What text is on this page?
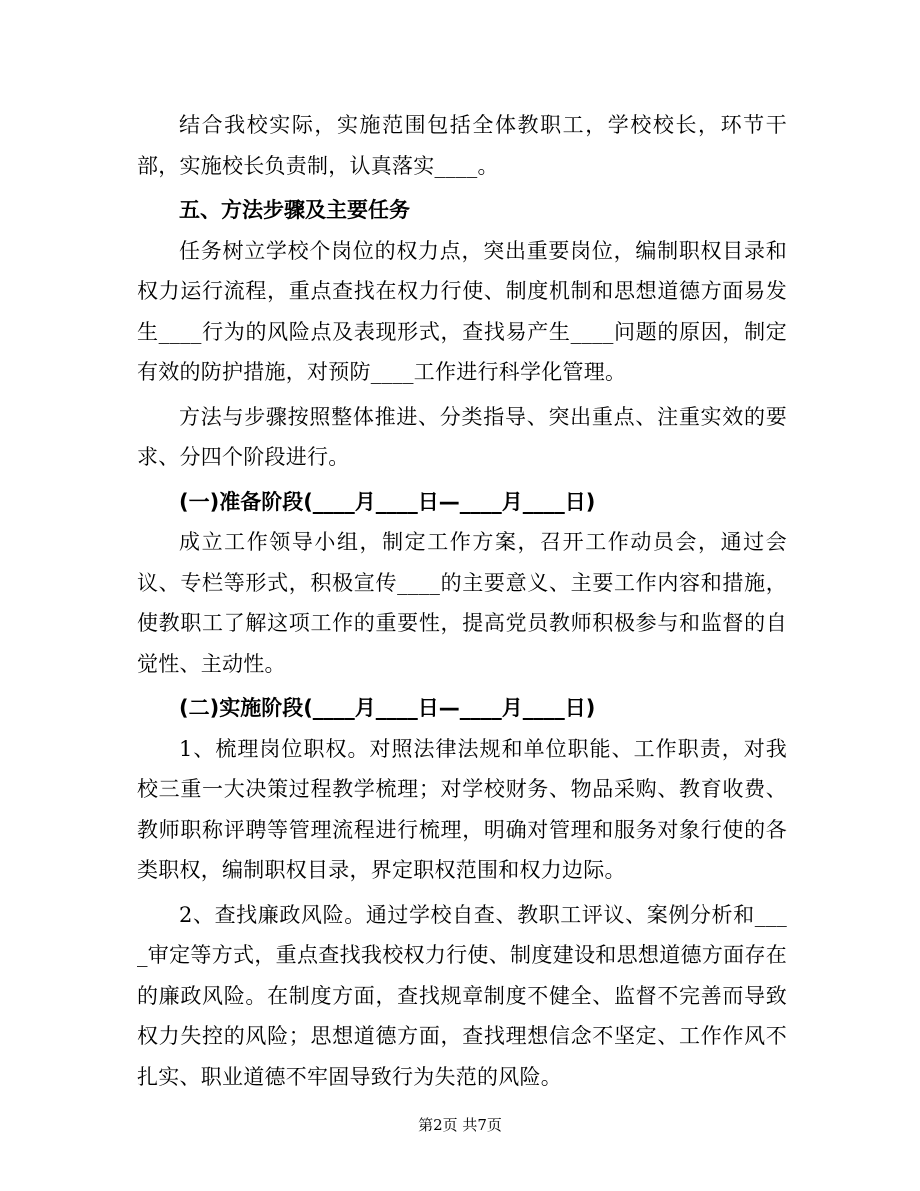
结合我校实际，实施范围包括全体教职工，学校校长，环节干部，实施校长负责制，认真落实____。

五、方法步骤及主要任务

任务树立学校个岗位的权力点，突出重要岗位，编制职权目录和权力运行流程，重点查找在权力行使、制度机制和思想道德方面易发生____行为的风险点及表现形式，查找易产生____问题的原因，制定有效的防护措施，对预防____工作进行科学化管理。

方法与步骤按照整体推进、分类指导、突出重点、注重实效的要求、分四个阶段进行。

(一)准备阶段(____月____日—____月____日)

成立工作领导小组，制定工作方案，召开工作动员会，通过会议、专栏等形式，积极宣传____的主要意义、主要工作内容和措施，使教职工了解这项工作的重要性，提高党员教师积极参与和监督的自觉性、主动性。

(二)实施阶段(____月____日—____月____日)

1、梳理岗位职权。对照法律法规和单位职能、工作职责，对我校三重一大决策过程教学梳理；对学校财务、物品采购、教育收费、教师职称评聘等管理流程进行梳理，明确对管理和服务对象行使的各类职权，编制职权目录，界定职权范围和权力边际。

2、查找廉政风险。通过学校自查、教职工评议、案例分析和____审定等方式，重点查找我校权力行使、制度建设和思想道德方面存在的廉政风险。在制度方面，查找规章制度不健全、监督不完善而导致权力失控的风险；思想道德方面，查找理想信念不坚定、工作作风不扎实、职业道德不牢固导致行为失范的风险。

第2页 共7页
